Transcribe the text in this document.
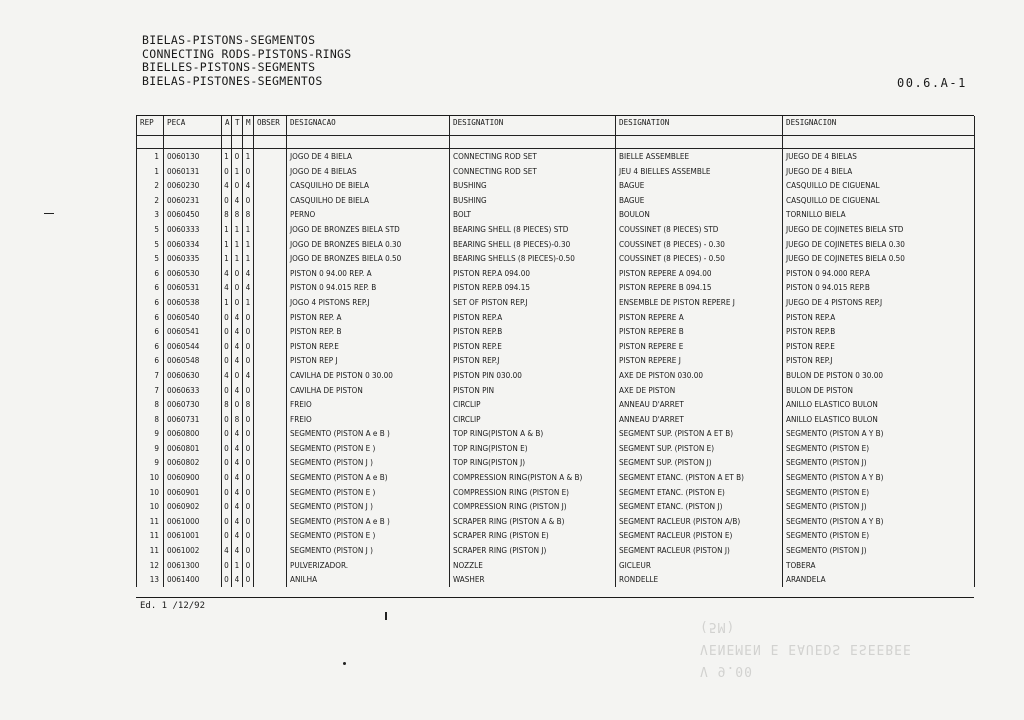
BIELAS-PISTONS-SEGMENTOS
CONNECTING RODS-PISTONS-RINGS
BIELLES-PISTONS-SEGMENTS
BIELAS-PISTONES-SEGMENTOS	00.6.A-1
REP	PECA	A	T	M	OBSER	DESIGNACAO	DESIGNATION	DESIGNATION	DESIGNACION

1	0060130	1	0	1		JOGO DE 4 BIELA	CONNECTING ROD SET	BIELLE ASSEMBLEE	JUEGO DE 4 BIELAS
1	0060131	0	1	0		JOGO DE 4 BIELAS	CONNECTING ROD SET	JEU 4 BIELLES ASSEMBLE	JUEGO DE 4 BIELA
2	0060230	4	0	4		CASQUILHO DE BIELA	BUSHING	BAGUE	CASQUILLO DE CIGUENAL
2	0060231	0	4	0		CASQUILHO DE BIELA	BUSHING	BAGUE	CASQUILLO DE CIGUENAL
3	0060450	8	8	8		PERNO	BOLT	BOULON	TORNILLO BIELA
5	0060333	1	1	1		JOGO DE BRONZES BIELA STD	BEARING SHELL (8 PIECES) STD	COUSSINET (8 PIECES) STD	JUEGO DE COJINETES BIELA STD
5	0060334	1	1	1		JOGO DE BRONZES BIELA 0.30	BEARING SHELL (8 PIECES)-0.30	COUSSINET (8 PIECES) - 0.30	JUEGO DE COJINETES BIELA 0.30
5	0060335	1	1	1		JOGO DE BRONZES BIELA 0.50	BEARING SHELLS (8 PIECES)-0.50	COUSSINET (8 PIECES) - 0.50	JUEGO DE COJINETES BIELA 0.50
6	0060530	4	0	4		PISTON 0 94.00 REP. A	PISTON REP.A 094.00	PISTON REPERE A 094.00	PISTON 0 94.000 REP.A
6	0060531	4	0	4		PISTON 0 94.015 REP. B	PISTON REP.B 094.15	PISTON REPERE B 094.15	PISTON 0 94.015 REP.B
6	0060538	1	0	1		JOGO 4 PISTONS REP.J	SET OF PISTON REP.J	ENSEMBLE DE PISTON REPERE J	JUEGO DE 4 PISTONS REP.J
6	0060540	0	4	0		PISTON REP. A	PISTON REP.A	PISTON REPERE A	PISTON REP.A
6	0060541	0	4	0		PISTON REP. B	PISTON REP.B	PISTON REPERE B	PISTON REP.B
6	0060544	0	4	0		PISTON REP.E	PISTON REP.E	PISTON REPERE E	PISTON REP.E
6	0060548	0	4	0		PISTON REP J	PISTON REP.J	PISTON REPERE J	PISTON REP.J
7	0060630	4	0	4		CAVILHA DE PISTON 0 30.00	PISTON PIN 030.00	AXE DE PISTON 030.00	BULON DE PISTON 0 30.00
7	0060633	0	4	0		CAVILHA DE PISTON	PISTON PIN	AXE DE PISTON	BULON DE PISTON
8	0060730	8	0	8		FREIO	CIRCLIP	ANNEAU D'ARRET	ANILLO ELASTICO BULON
8	0060731	0	8	0		FREIO	CIRCLIP	ANNEAU D'ARRET	ANILLO ELASTICO BULON
9	0060800	0	4	0		SEGMENTO (PISTON A e B )	TOP RING(PISTON A & B)	SEGMENT SUP. (PISTON A ET B)	SEGMENTO (PISTON A Y B)
9	0060801	0	4	0		SEGMENTO (PISTON E )	TOP RING(PISTON E)	SEGMENT SUP. (PISTON E)	SEGMENTO (PISTON E)
9	0060802	0	4	0		SEGMENTO (PISTON J )	TOP RING(PISTON J)	SEGMENT SUP. (PISTON J)	SEGMENTO (PISTON J)
10	0060900	0	4	0		SEGMENTO (PISTON A e B)	COMPRESSION RING(PISTON A & B)	SEGMENT ETANC. (PISTON A ET B)	SEGMENTO (PISTON A Y B)
10	0060901	0	4	0		SEGMENTO (PISTON E )	COMPRESSION RING (PISTON E)	SEGMENT ETANC. (PISTON E)	SEGMENTO (PISTON E)
10	0060902	0	4	0		SEGMENTO (PISTON J )	COMPRESSION RING (PISTON J)	SEGMENT ETANC. (PISTON J)	SEGMENTO (PISTON J)
11	0061000	0	4	0		SEGMENTO (PISTON A e B )	SCRAPER RING (PISTON A & B)	SEGMENT RACLEUR (PISTON A/B)	SEGMENTO (PISTON A Y B)
11	0061001	0	4	0		SEGMENTO (PISTON E )	SCRAPER RING (PISTON E)	SEGMENT RACLEUR (PISTON E)	SEGMENTO (PISTON E)
11	0061002	4	4	0		SEGMENTO (PISTON J )	SCRAPER RING (PISTON J)	SEGMENT RACLEUR (PISTON J)	SEGMENTO (PISTON J)
12	0061300	0	1	0		PULVERIZADOR.	NOZZLE	GICLEUR	TOBERA
13	0061400	0	4	0		ANILHA	WASHER	RONDELLE	ARANDELA
Ed. 1 /12/92
V 9.00
VENEMEN E EAUEDS ESEEBEE
(5M)
